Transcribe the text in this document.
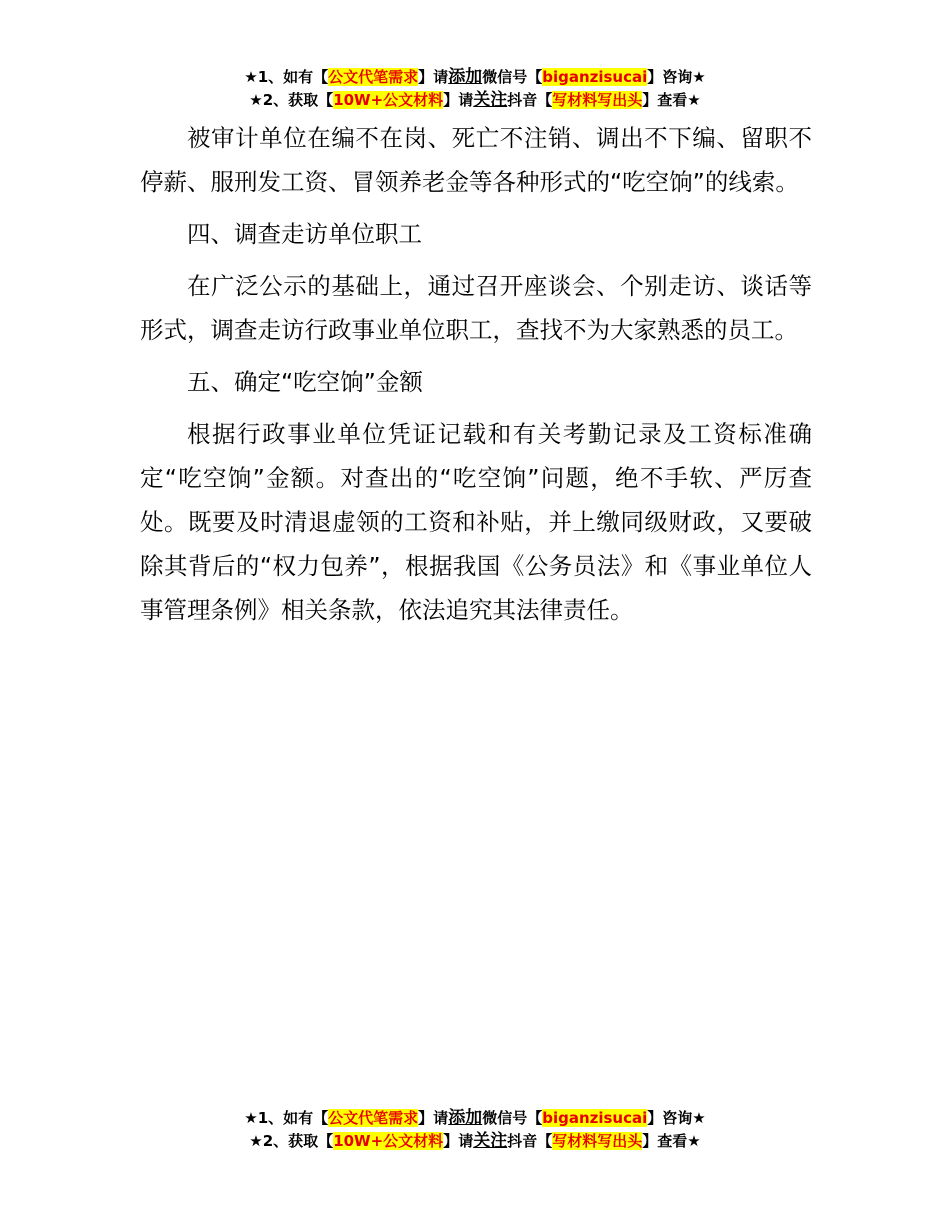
★1、如有【公文代笔需求】请添加微信号【biganzisucai】咨询★
★2、获取【10W+公文材料】请关注抖音【写材料写出头】查看★

被审计单位在编不在岗、死亡不注销、调出不下编、留职不停薪、服刑发工资、冒领养老金等各种形式的“吃空饷”的线索。

四、调查走访单位职工

在广泛公示的基础上，通过召开座谈会、个别走访、谈话等形式，调查走访行政事业单位职工，查找不为大家熟悉的员工。

五、确定“吃空饷”金额

根据行政事业单位凭证记载和有关考勤记录及工资标准确定“吃空饷”金额。对查出的“吃空饷”问题，绝不手软、严厉查处。既要及时清退虚领的工资和补贴，并上缴同级财政，又要破除其背后的“权力包养”，根据我国《公务员法》和《事业单位人事管理条例》相关条款，依法追究其法律责任。

★1、如有【公文代笔需求】请添加微信号【biganzisucai】咨询★
★2、获取【10W+公文材料】请关注抖音【写材料写出头】查看★
